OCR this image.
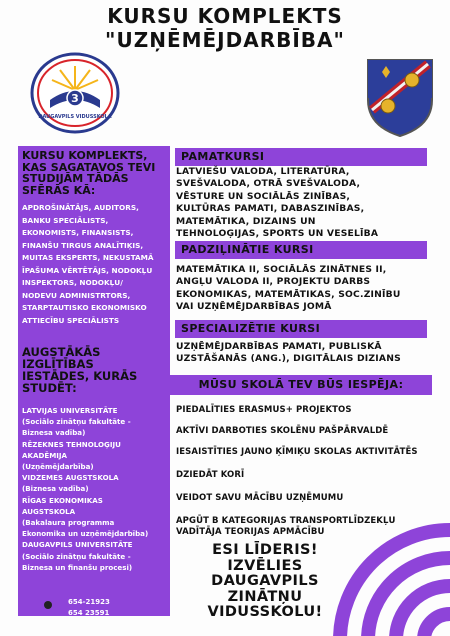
KURSU KOMPLEKTS
"UZŅĒMĒJDARBĪBA"
3
DAUGAVPILS VIDUSSKOLA
KURSU KOMPLEKTS,
KAS SAGATAVOS TEVI
STUDIJĀM TĀDĀS
SFĒRĀS KĀ:
APDROŠINĀTĀJS, AUDITORS,
BANKU SPECIĀLISTS,
EKONOMISTS, FINANSISTS,
FINANŠU TIRGUS ANALĪTIĶIS,
MUITAS EKSPERTS, NEKUSTAMĀ
ĪPAŠUMA VĒRTĒTĀJS, NODOKĻU
INSPEKTORS, NODOKĻU/
NODEVU ADMINISTRTORS,
STARPTAUTISKO EKONOMISKO
ATTIECĪBU SPECIĀLISTS
AUGSTĀKĀS
IZGLĪTĪBAS
IESTĀDES, KURĀS
STUDĒT:
LATVIJAS UNIVERSITĀTE
(Sociālo zinātņu fakultāte -
Biznesa vadība)
RĒZEKNES TEHNOLOĢIJU
AKADĒMIJA
(Uzņēmējdarbība)
VIDZEMES AUGSTSKOLA
(Biznesa vadība)
RĪGAS EKONOMIKAS
AUGSTSKOLA
(Bakalaura programma
Ekonomika un uzņēmējdarbība)
DAUGAVPILS UNIVERSITĀTE
(Sociālo zinātņu fakultāte -
Biznesa un finanšu procesi)
654-21923
654 23591
PAMATKURSI
LATVIEŠU VALODA, LITERATŪRA,
SVEŠVALODA, OTRĀ SVEŠVALODA,
VĒSTURE UN SOCIĀLĀS ZINĪBAS,
KULTŪRAS PAMATI, DABASZINĪBAS,
MATEMĀTIKA, DIZAINS UN
TEHNOLOĢIJAS, SPORTS UN VESELĪBA
PADZIĻINĀTIE KURSI
MATEMĀTIKA II, SOCIĀLĀS ZINĀTNES II,
ANGĻU VALODA II, PROJEKTU DARBS
EKONOMIKAS, MATEMĀTIKAS, SOC.ZINĪBU
VAI UZŅĒMĒJDARBĪBAS JOMĀ
SPECIALIZĒTIE KURSI
UZŅĒMĒJDARBĪBAS PAMATI, PUBLISKĀ
UZSTĀŠANĀS (ANG.), DIGITĀLAIS DIZIANS
MŪSU SKOLĀ TEV BŪS IESPĒJA:
PIEDALĪTIES ERASMUS+ PROJEKTOS
AKTĪVI DARBOTIES SKOLĒNU PAŠPĀRVALDĒ
IESAISTĪTIES JAUNO ĶĪMIĶU SKOLAS AKTIVITĀTĒS
DZIEDĀT KORĪ
VEIDOT SAVU MĀCĪBU UZŅĒMUMU
APGŪT B KATEGORIJAS TRANSPORTLĪDZEKĻU
VADĪTĀJA TEORIJAS APMĀCĪBU
ESI LĪDERIS!
IZVĒLIES
DAUGAVPILS
ZINĀTŅU
VIDUSSKOLU!
